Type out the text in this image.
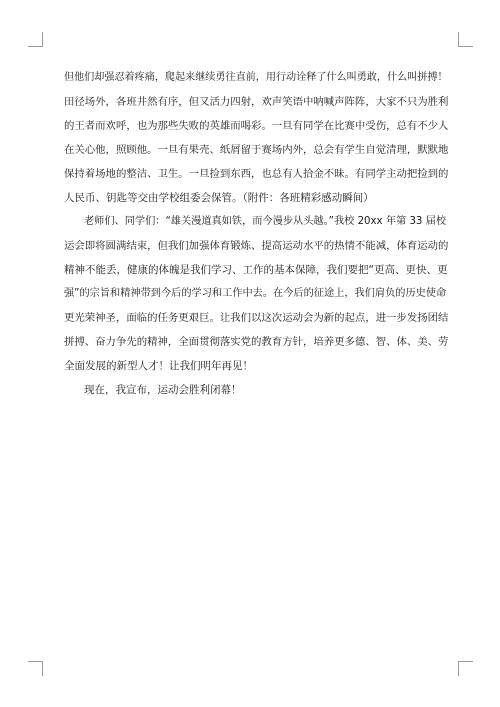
但他们却强忍着疼痛，爬起来继续勇往直前，用行动诠释了什么叫勇敢，什么叫拼搏！
田径场外，各班井然有序，但又活力四射，欢声笑语中呐喊声阵阵，大家不只为胜利
的王者而欢呼，也为那些失败的英雄而喝彩。一旦有同学在比赛中受伤，总有不少人
在关心他，照顾他。一旦有果壳、纸屑留于赛场内外，总会有学生自觉清理，默默地
保持着场地的整洁、卫生。一旦捡到东西，也总有人拾金不昧。有同学主动把捡到的
人民币、钥匙等交由学校组委会保管。（附件：各班精彩感动瞬间）
老师们、同学们：“雄关漫道真如铁，而今漫步从头越。”我校 20xx 年第 33 届校
运会即将圆满结束，但我们加强体育锻炼、提高运动水平的热情不能减，体育运动的
精神不能丢，健康的体魄是我们学习、工作的基本保障，我们要把“更高、更快、更
强”的宗旨和精神带到今后的学习和工作中去。在今后的征途上，我们肩负的历史使命
更光荣神圣，面临的任务更艰巨。让我们以这次运动会为新的起点，进一步发扬团结
拼搏、奋力争先的精神，全面贯彻落实党的教育方针，培养更多德、智、体、美、劳
全面发展的新型人才！让我们明年再见！
现在，我宣布，运动会胜利闭幕！
